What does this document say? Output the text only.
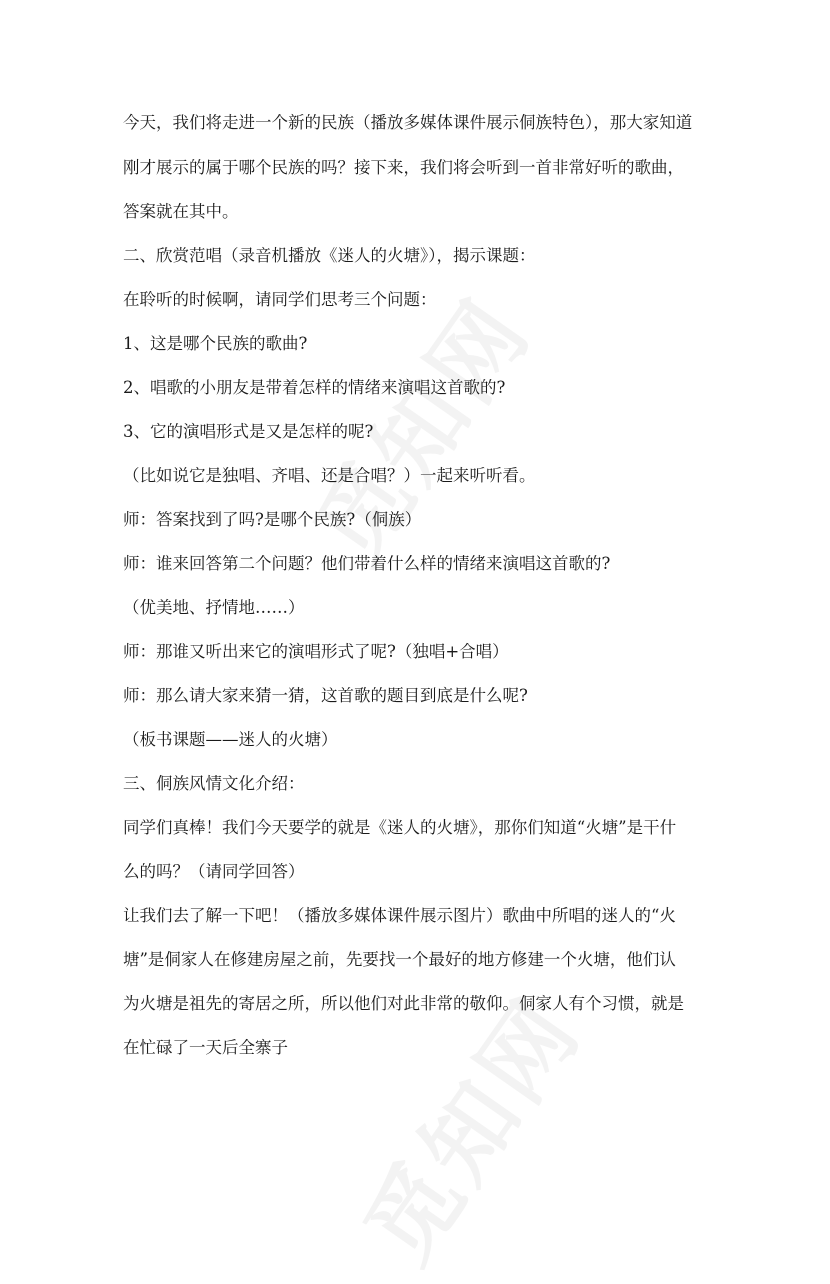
今天，我们将走进一个新的民族（播放多媒体课件展示侗族特色），那大家知道
刚才展示的属于哪个民族的吗？接下来，我们将会听到一首非常好听的歌曲，
答案就在其中。
二、欣赏范唱（录音机播放《迷人的火塘》），揭示课题：
在聆听的时候啊，请同学们思考三个问题：
1、这是哪个民族的歌曲?
2、唱歌的小朋友是带着怎样的情绪来演唱这首歌的?
3、它的演唱形式是又是怎样的呢?
（比如说它是独唱、齐唱、还是合唱？）一起来听听看。
师：答案找到了吗?是哪个民族?（侗族）
师：谁来回答第二个问题？他们带着什么样的情绪来演唱这首歌的?
（优美地、抒情地……）
师：那谁又听出来它的演唱形式了呢?（独唱+合唱）
师：那么请大家来猜一猜，这首歌的题目到底是什么呢?
（板书课题——迷人的火塘）
三、侗族风情文化介绍：
同学们真棒！我们今天要学的就是《迷人的火塘》，那你们知道“火塘”是干什
么的吗？（请同学回答）
让我们去了解一下吧！（播放多媒体课件展示图片）歌曲中所唱的迷人的“火
塘”是侗家人在修建房屋之前，先要找一个最好的地方修建一个火塘，他们认
为火塘是祖先的寄居之所，所以他们对此非常的敬仰。侗家人有个习惯，就是
在忙碌了一天后全寨子
